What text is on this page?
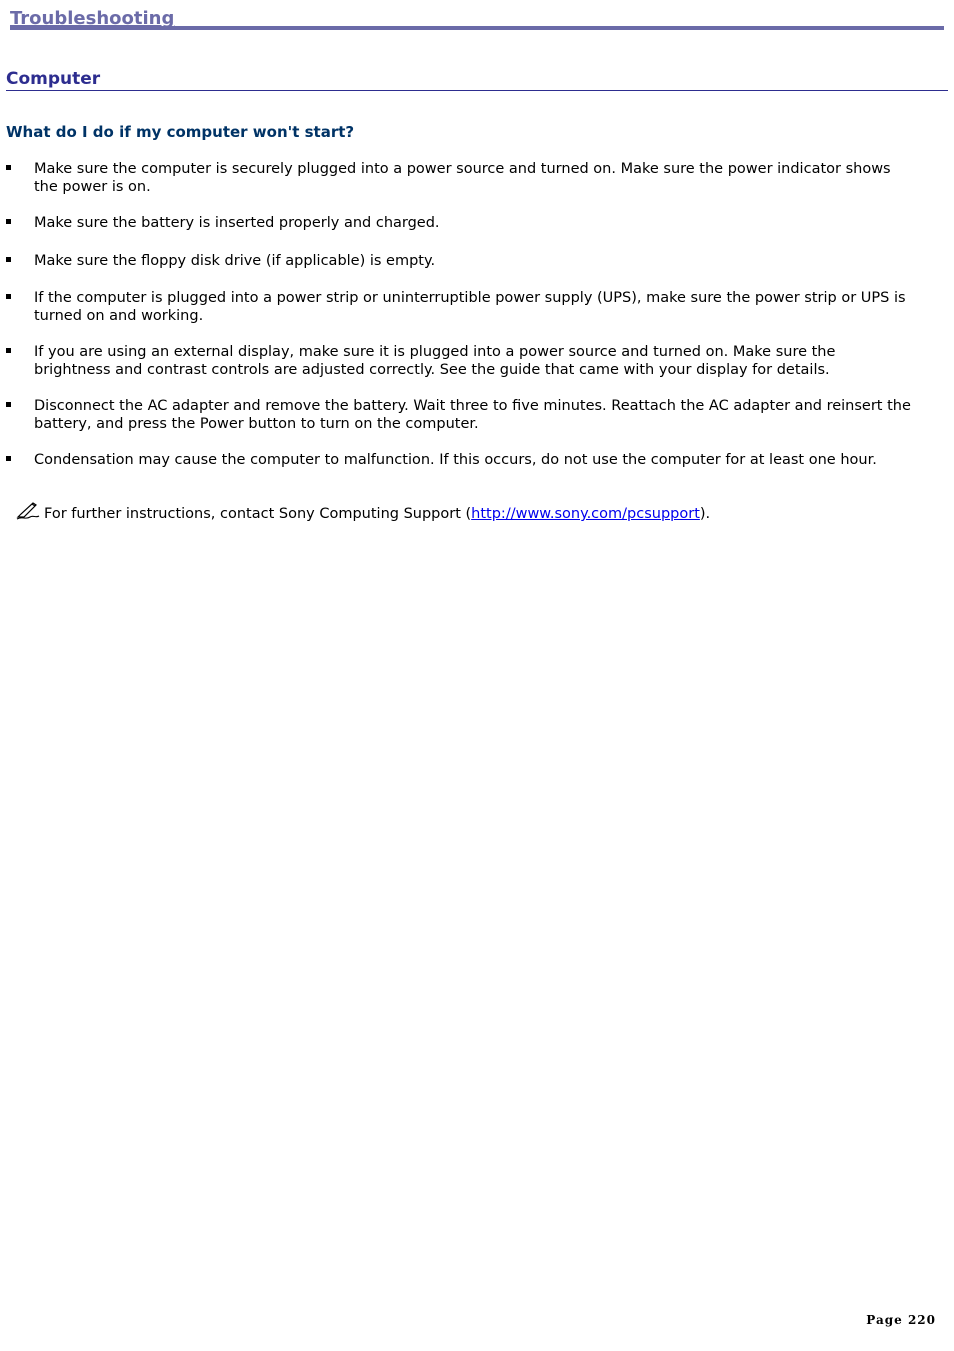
Troubleshooting
Computer
What do I do if my computer won't start?
Make sure the computer is securely plugged into a power source and turned on. Make sure the power indicator shows the power is on.
Make sure the battery is inserted properly and charged.
Make sure the floppy disk drive (if applicable) is empty.
If the computer is plugged into a power strip or uninterruptible power supply (UPS), make sure the power strip or UPS is turned on and working.
If you are using an external display, make sure it is plugged into a power source and turned on. Make sure the brightness and contrast controls are adjusted correctly. See the guide that came with your display for details.
Disconnect the AC adapter and remove the battery. Wait three to five minutes. Reattach the AC adapter and reinsert the battery, and press the Power button to turn on the computer.
Condensation may cause the computer to malfunction. If this occurs, do not use the computer for at least one hour.
For further instructions, contact Sony Computing Support (http://www.sony.com/pcsupport).
Page 220
